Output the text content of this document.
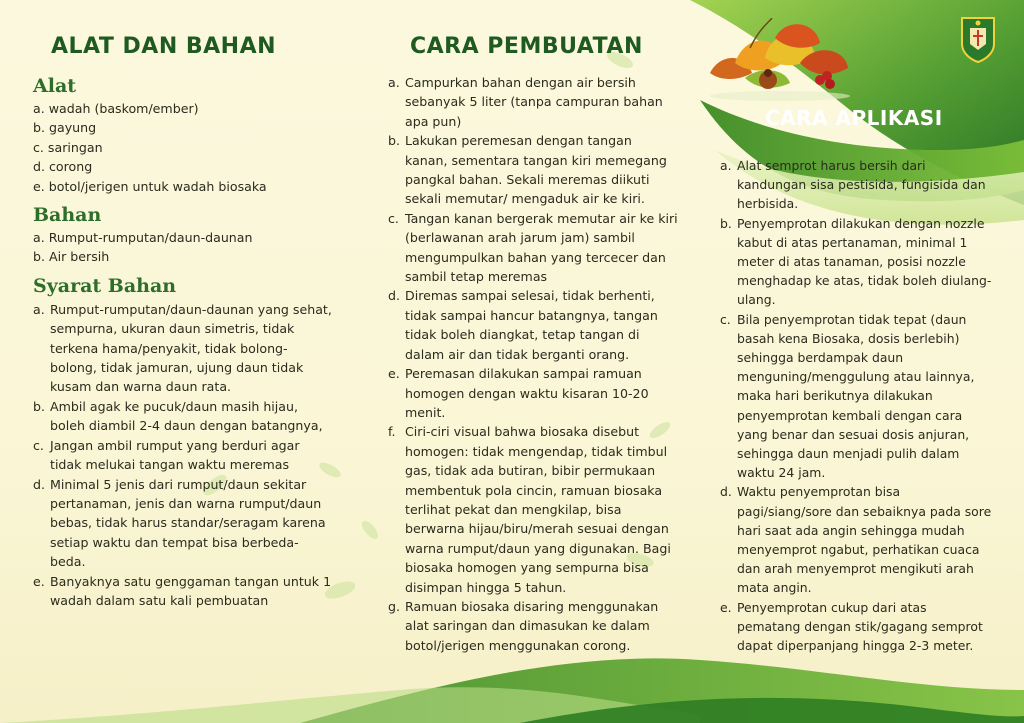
ALAT DAN BAHAN
Alat
a. wadah (baskom/ember)
b. gayung
c. saringan
d. corong
e. botol/jerigen untuk wadah biosaka
Bahan
a. Rumput-rumputan/daun-daunan
b. Air bersih
Syarat Bahan
a. Rumput-rumputan/daun-daunan yang sehat, sempurna, ukuran daun simetris, tidak terkena hama/penyakit, tidak bolong-bolong, tidak jamuran, ujung daun tidak kusam dan warna daun rata.
b. Ambil agak ke pucuk/daun masih hijau, boleh diambil 2-4 daun dengan batangnya,
c. Jangan ambil rumput yang berduri agar tidak melukai tangan waktu meremas
d. Minimal 5 jenis dari rumput/daun sekitar pertanaman, jenis dan warna rumput/daun bebas, tidak harus standar/seragam karena setiap waktu dan tempat bisa berbeda-beda.
e. Banyaknya satu genggaman tangan untuk 1 wadah dalam satu kali pembuatan
CARA PEMBUATAN
a. Campurkan bahan dengan air bersih sebanyak 5 liter (tanpa campuran bahan apa pun)
b. Lakukan peremesan dengan tangan kanan, sementara tangan kiri memegang pangkal bahan. Sekali meremas diikuti sekali memutar/ mengaduk air ke kiri.
c. Tangan kanan bergerak memutar air ke kiri (berlawanan arah jarum jam) sambil mengumpulkan bahan yang tercecer dan sambil tetap meremas
d. Diremas sampai selesai, tidak berhenti, tidak sampai hancur batangnya, tangan tidak boleh diangkat, tetap tangan di dalam air dan tidak berganti orang.
e. Peremasan dilakukan sampai ramuan homogen dengan waktu kisaran 10-20 menit.
f. Ciri-ciri visual bahwa biosaka disebut homogen: tidak mengendap, tidak timbul gas, tidak ada butiran, bibir permukaan membentuk pola cincin, ramuan biosaka terlihat pekat dan mengkilap, bisa berwarna hijau/biru/merah sesuai dengan warna rumput/daun yang digunakan. Bagi biosaka homogen yang sempurna bisa disimpan hingga 5 tahun.
g. Ramuan biosaka disaring menggunakan alat saringan dan dimasukan ke dalam botol/jerigen menggunakan corong.
CARA APLIKASI
a. Alat semprot harus bersih dari kandungan sisa pestisida, fungisida dan herbisida.
b. Penyemprotan dilakukan dengan nozzle kabut di atas pertanaman, minimal 1 meter di atas tanaman, posisi nozzle menghadap ke atas, tidak boleh diulang-ulang.
c. Bila penyemprotan tidak tepat (daun basah kena Biosaka, dosis berlebih) sehingga berdampak daun menguning/menggulung atau lainnya, maka hari berikutnya dilakukan penyemprotan kembali dengan cara yang benar dan sesuai dosis anjuran, sehingga daun menjadi pulih dalam waktu 24 jam.
d. Waktu penyemprotan bisa pagi/siang/sore dan sebaiknya pada sore hari saat ada angin sehingga mudah menyemprot ngabut, perhatikan cuaca dan arah menyemprot mengikuti arah mata angin.
e. Penyemprotan cukup dari atas pematang dengan stik/gagang semprot dapat diperpanjang hingga 2-3 meter.
